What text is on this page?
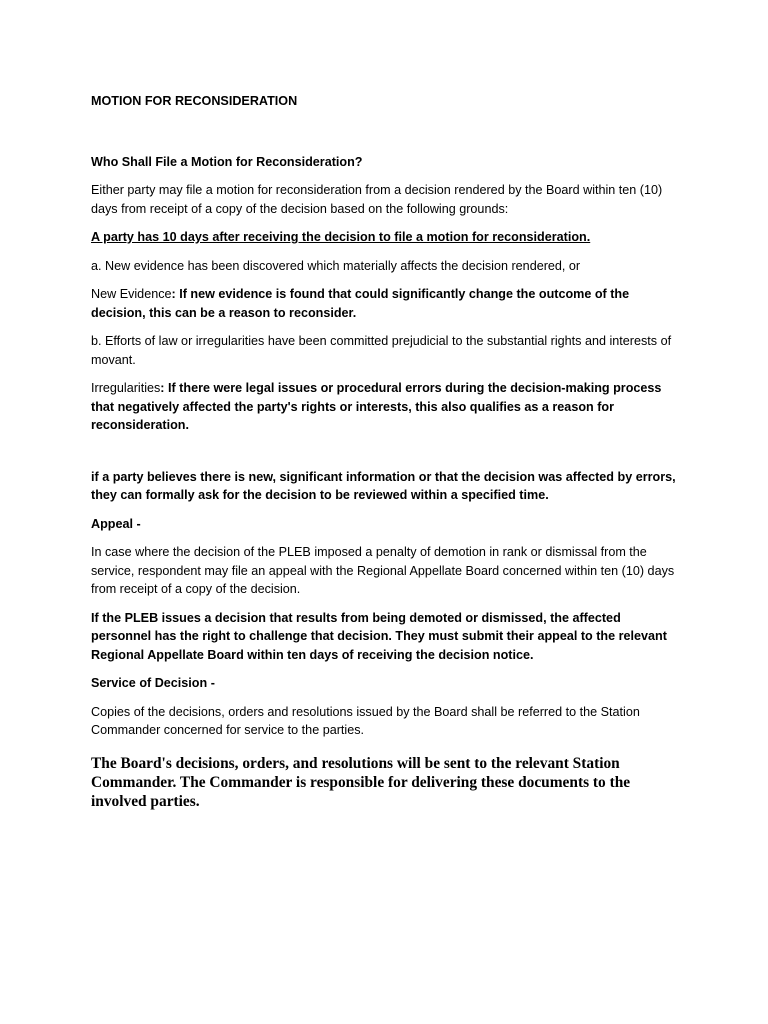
MOTION FOR RECONSIDERATION

Who Shall File a Motion for Reconsideration?

Either party may file a motion for reconsideration from a decision rendered by the Board within ten (10) days from receipt of a copy of the decision based on the following grounds:

A party has 10 days after receiving the decision to file a motion for reconsideration.

a. New evidence has been discovered which materially affects the decision rendered, or

New Evidence: If new evidence is found that could significantly change the outcome of the decision, this can be a reason to reconsider.

b. Efforts of law or irregularities have been committed prejudicial to the substantial rights and interests of movant.

Irregularities: If there were legal issues or procedural errors during the decision-making process that negatively affected the party's rights or interests, this also qualifies as a reason for reconsideration.

if a party believes there is new, significant information or that the decision was affected by errors, they can formally ask for the decision to be reviewed within a specified time.

Appeal -

In case where the decision of the PLEB imposed a penalty of demotion in rank or dismissal from the service, respondent may file an appeal with the Regional Appellate Board concerned within ten (10) days from receipt of a copy of the decision.

If the PLEB issues a decision that results from being demoted or dismissed, the affected personnel has the right to challenge that decision. They must submit their appeal to the relevant Regional Appellate Board within ten days of receiving the decision notice.

Service of Decision -

Copies of the decisions, orders and resolutions issued by the Board shall be referred to the Station Commander concerned for service to the parties.

The Board's decisions, orders, and resolutions will be sent to the relevant Station Commander. The Commander is responsible for delivering these documents to the involved parties.
